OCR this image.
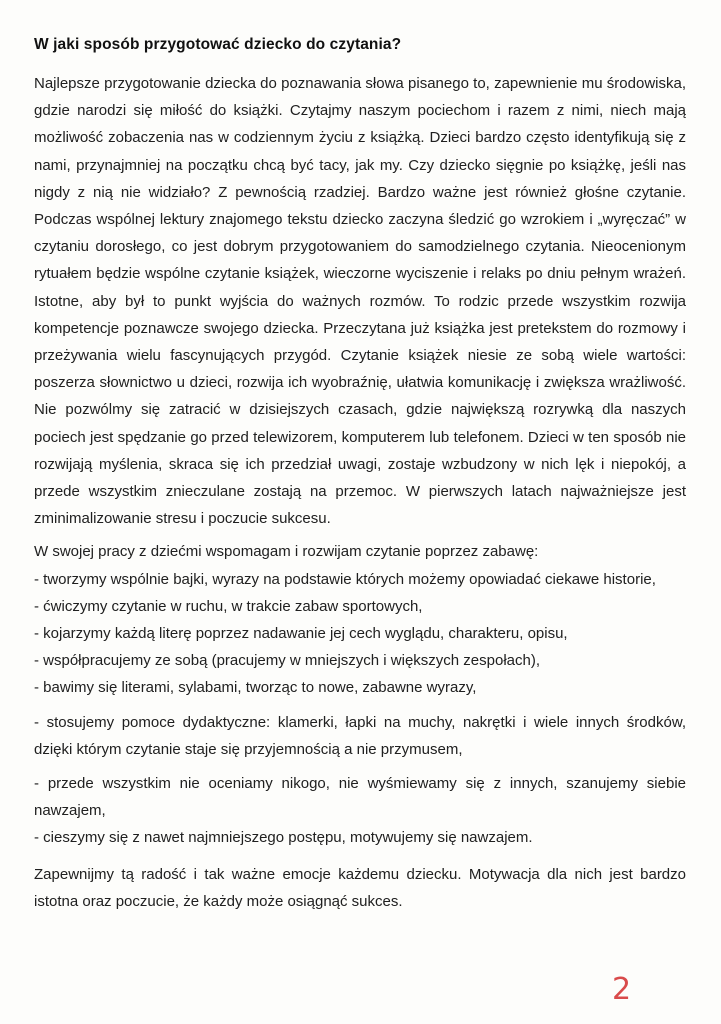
W jaki sposób przygotować dziecko do czytania?

Najlepsze przygotowanie dziecka do poznawania słowa pisanego to, zapewnienie mu środowiska, gdzie narodzi się miłość do książki. Czytajmy naszym pociechom i razem z nimi, niech mają możliwość zobaczenia nas w codziennym życiu z książką. Dzieci bardzo często identyfikują się z nami, przynajmniej na początku chcą być tacy, jak my. Czy dziecko sięgnie po książkę, jeśli nas nigdy z nią nie widziało? Z pewnością rzadziej. Bardzo ważne jest również głośne czytanie. Podczas wspólnej lektury znajomego tekstu dziecko zaczyna śledzić go wzrokiem i „wyręczać” w czytaniu dorosłego, co jest dobrym przygotowaniem do samodzielnego czytania. Nieocenionym rytuałem będzie wspólne czytanie książek, wieczorne wyciszenie i relaks po dniu pełnym wrażeń. Istotne, aby był to punkt wyjścia do ważnych rozmów. To rodzic przede wszystkim rozwija kompetencje poznawcze swojego dziecka. Przeczytana już książka jest pretekstem do rozmowy i przeżywania wielu fascynujących przygód. Czytanie książek niesie ze sobą wiele wartości: poszerza słownictwo u dzieci, rozwija ich wyobraźnię, ułatwia komunikację i zwiększa wrażliwość. Nie pozwólmy się zatracić w dzisiejszych czasach, gdzie największą rozrywką dla naszych pociech jest spędzanie go przed telewizorem, komputerem lub telefonem. Dzieci w ten sposób nie rozwijają myślenia, skraca się ich przedział uwagi, zostaje wzbudzony w nich lęk i niepokój, a przede wszystkim znieczulane zostają na przemoc. W pierwszych latach najważniejsze jest zminimalizowanie stresu i poczucie sukcesu.

W swojej pracy z dziećmi wspomagam i rozwijam czytanie poprzez zabawę:

- tworzymy wspólnie bajki, wyrazy na podstawie których możemy opowiadać ciekawe historie,

- ćwiczymy czytanie w ruchu, w trakcie zabaw sportowych,

- kojarzymy każdą literę poprzez nadawanie jej cech wyglądu, charakteru, opisu,

- współpracujemy ze sobą (pracujemy w mniejszych i większych zespołach),

- bawimy się literami, sylabami, tworząc to nowe, zabawne wyrazy,

- stosujemy pomoce dydaktyczne: klamerki, łapki na muchy, nakrętki i wiele innych środków, dzięki którym czytanie staje się przyjemnością a nie przymusem,

- przede wszystkim nie oceniamy nikogo, nie wyśmiewamy się z innych, szanujemy siebie nawzajem,

- cieszymy się z nawet najmniejszego postępu, motywujemy się nawzajem.

Zapewnijmy tą radość i tak ważne emocje każdemu dziecku. Motywacja dla nich jest bardzo istotna oraz poczucie, że każdy może osiągnąć sukces.

2
